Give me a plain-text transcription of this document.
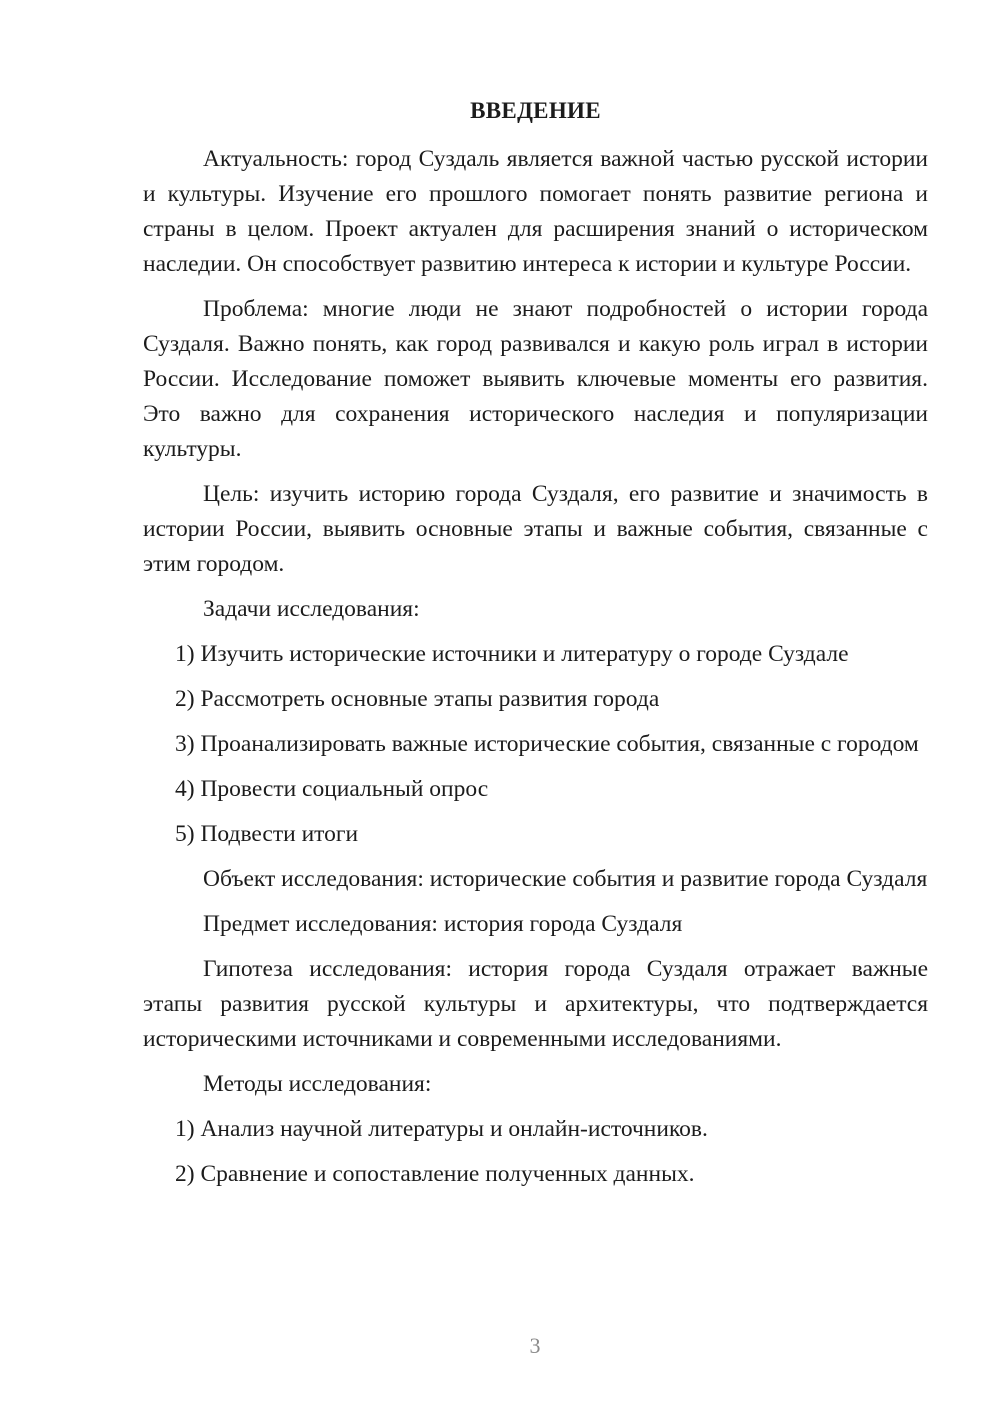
ВВЕДЕНИЕ

Актуальность: город Суздаль является важной частью русской истории и культуры. Изучение его прошлого помогает понять развитие региона и страны в целом. Проект актуален для расширения знаний о историческом наследии. Он способствует развитию интереса к истории и культуре России.

Проблема: многие люди не знают подробностей о истории города Суздаля. Важно понять, как город развивался и какую роль играл в истории России. Исследование поможет выявить ключевые моменты его развития. Это важно для сохранения исторического наследия и популяризации культуры.

Цель: изучить историю города Суздаля, его развитие и значимость в истории России, выявить основные этапы и важные события, связанные с этим городом.

Задачи исследования:

1) Изучить исторические источники и литературу о городе Суздале

2) Рассмотреть основные этапы развития города

3) Проанализировать важные исторические события, связанные с городом

4) Провести социальный опрос

5) Подвести итоги

Объект исследования: исторические события и развитие города Суздаля

Предмет исследования: история города Суздаля

Гипотеза исследования: история города Суздаля отражает важные этапы развития русской культуры и архитектуры, что подтверждается историческими источниками и современными исследованиями.

Методы исследования:

1) Анализ научной литературы и онлайн-источников.

2) Сравнение и сопоставление полученных данных.

3
